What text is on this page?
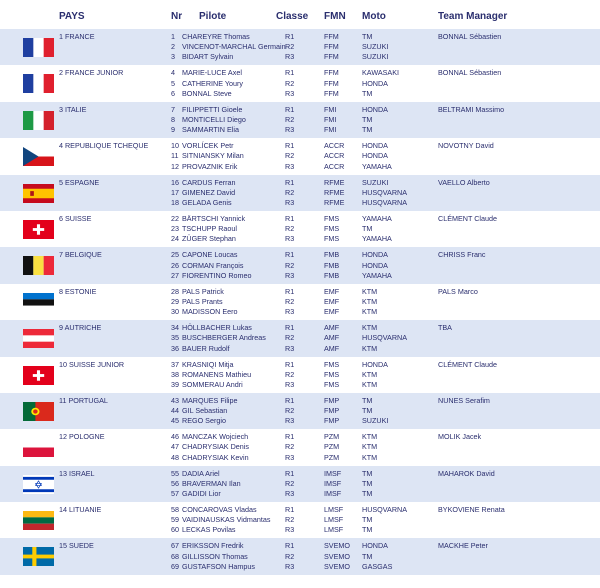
PAYS	Nr Pilote	Classe FMN Moto	Team Manager
1 FRANCE	BONNAL Sébastien
1 CHAREYRE Thomas	R1	FFM	TM
2 VINCENOT-MARCHAL Germain R2	FFM	SUZUKI
3 BIDART Sylvain	R3	FFM	SUZUKI
2 FRANCE JUNIOR	BONNAL Sébastien
4 MARIE-LUCE Axel	R1	FFM	KAWASAKI
5 CATHERINE Youry	R2	FFM	HONDA
6 BONNAL Steve	R3	FFM	TM
3 ITALIE	BELTRAMI Massimo
7 FILIPPETTI Gioele	R1	FMI	HONDA
8 MONTICELLI Diego	R2	FMI	TM
9 SAMMARTIN Elia	R3	FMI	TM
4 REPUBLIQUE TCHEQUE	NOVOTNY David
10 VORLÍCEK Petr	R1	ACCR HONDA
11 SITNIANSKY Milan	R2	ACCR HONDA
12 PROVAZNIK Erik	R3	ACCR YAMAHA
5 ESPAGNE	VAELLO Alberto
16 CARDUS Ferran	R1	RFME SUZUKI
17 GIMENEZ David	R2	RFME HUSQVARNA
18 GELADA Genis	R3	RFME HUSQVARNA
6 SUISSE	CLÉMENT Claude
22 BÄRTSCHI Yannick	R1	FMS	YAMAHA
23 TSCHUPP Raoul	R2	FMS	TM
24 ZÜGER Stephan	R3	FMS	YAMAHA
7 BELGIQUE	CHRISS Franc
25 CAPONE Loucas	R1	FMB	HONDA
26 CORMAN François	R2	FMB	HONDA
27 FIORENTINO Romeo	R3	FMB	YAMAHA
8 ESTONIE	PALS Marco
28 PALS Patrick	R1	EMF	KTM
29 PALS Prants	R2	EMF	KTM
30 MADISSON Eero	R3	EMF	KTM
9 AUTRICHE	TBA
34 HÖLLBACHER Lukas	R1	AMF	KTM
35 BUSCHBERGER Andreas	R2	AMF	HUSQVARNA
36 BAUER Rudolf	R3	AMF	KTM
10 SUISSE JUNIOR	CLÉMENT Claude
37 KRASNIQI Mitja	R1	FMS	HONDA
38 ROMANENS Mathieu	R2	FMS	KTM
39 SOMMERAU Andri	R3	FMS	KTM
11 PORTUGAL	NUNES Serafim
43 MARQUES Filipe	R1	FMP	TM
44 GIL Sebastian	R2	FMP	TM
45 REGO Sergio	R3	FMP	SUZUKI
12 POLOGNE	MOLIK Jacek
46 MANCZAK Wojciech	R1	PZM	KTM
47 CHADRYSIAK Denis	R2	PZM	KTM
48 CHADRYSIAK Kevin	R3	PZM	KTM
13 ISRAEL	MAHAROK David
55 DADIA Ariel	R1	IMSF	TM
56 BRAVERMAN Ilan	R2	IMSF	TM
57 GADIDI Lior	R3	IMSF	TM
14 LITUANIE	BYKOVIENE Renata
58 CONCAROVAS Vladas	R1	LMSF	HUSQVARNA
59 VAIDINAUSKAS Vidmantas R2	LMSF	TM
60 LECKAS Povilas	R3	LMSF	TM
15 SUEDE	MACKHE Peter
67 ERIKSSON Fredrik	R1	SVEMO HONDA
68 GILLISSON Thomas	R2	SVEMO TM
69 GUSTAFSON Hampus	R3	SVEMO GASGAS
